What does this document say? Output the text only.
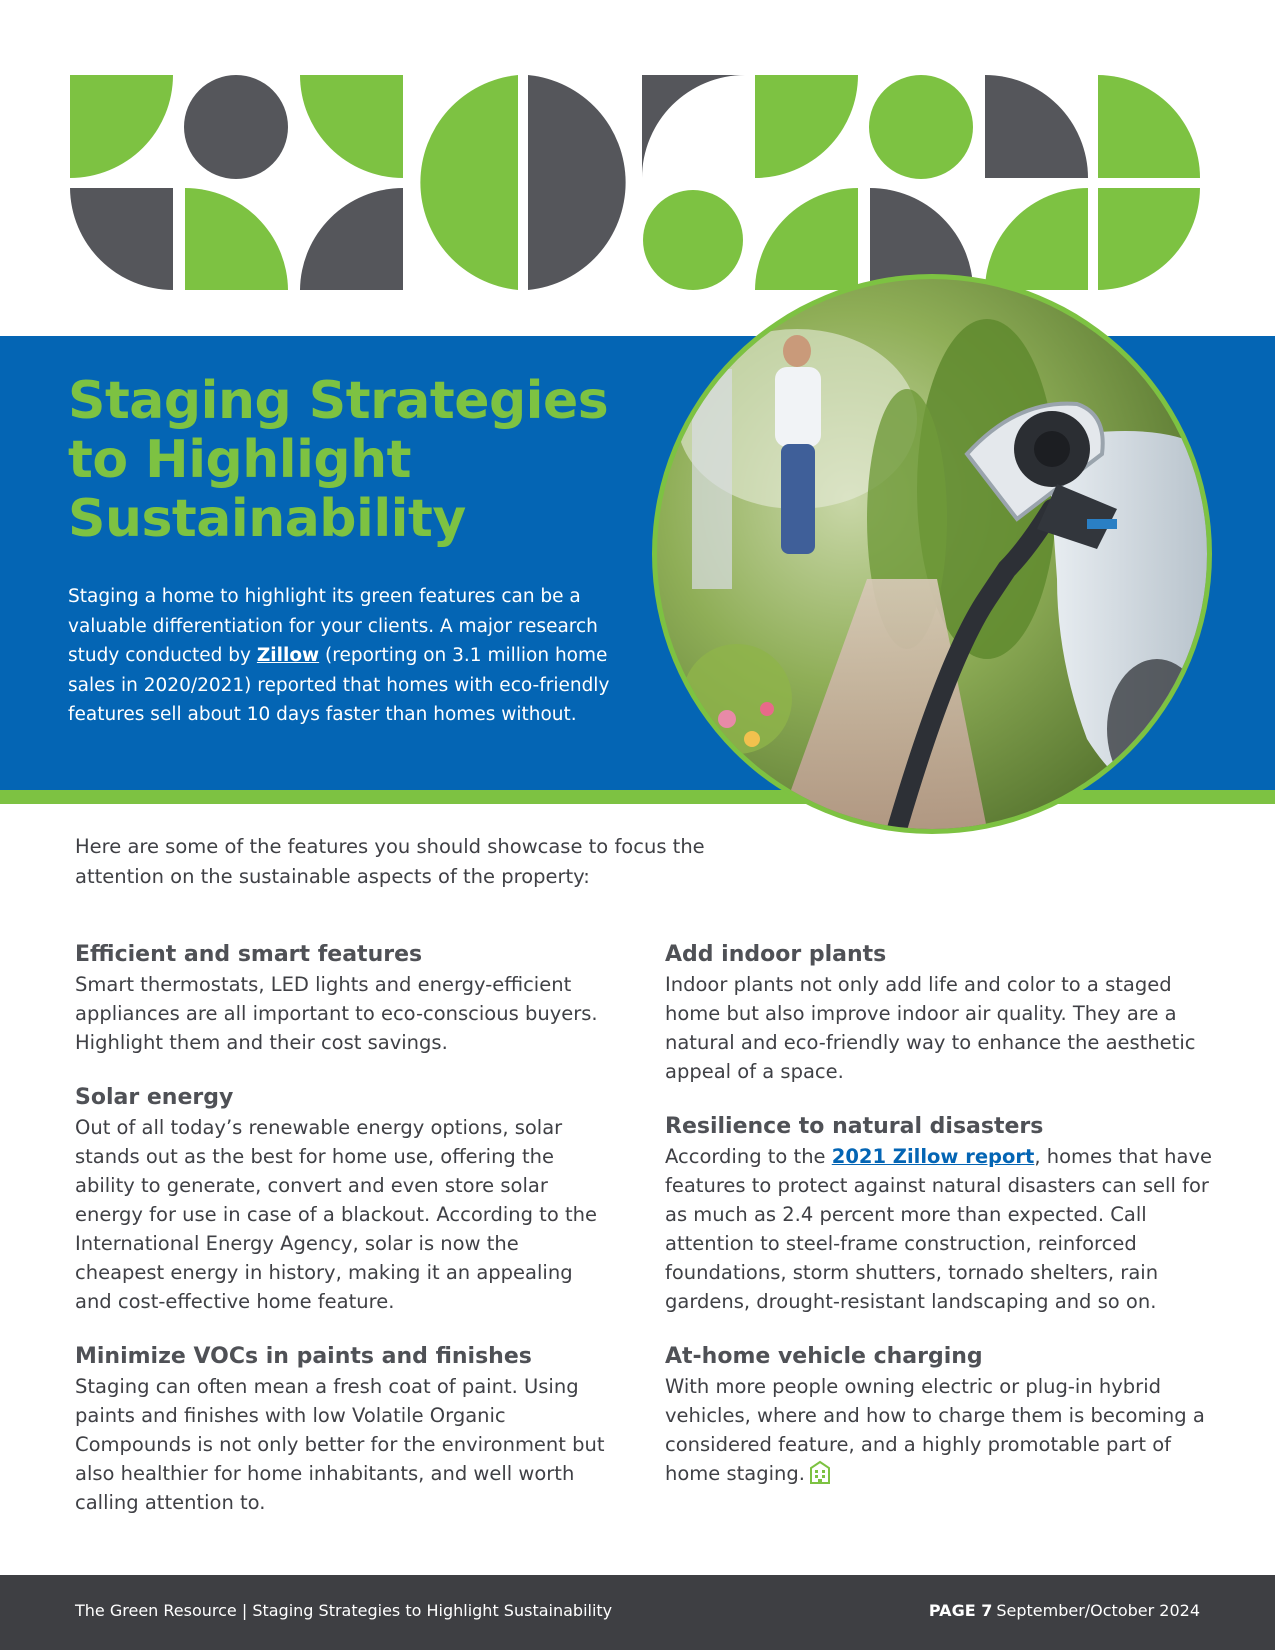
Staging Strategies
to Highlight
Sustainability

Staging a home to highlight its green features can be a valuable differentiation for your clients. A major research study conducted by Zillow (reporting on 3.1 million home sales in 2020/2021) reported that homes with eco-friendly features sell about 10 days faster than homes without.

Here are some of the features you should showcase to focus the attention on the sustainable aspects of the property:

Efficient and smart features

Smart thermostats, LED lights and energy-efficient appliances are all important to eco-conscious buyers. Highlight them and their cost savings.

Solar energy

Out of all today’s renewable energy options, solar stands out as the best for home use, offering the ability to generate, convert and even store solar energy for use in case of a blackout. According to the International Energy Agency, solar is now the cheapest energy in history, making it an appealing and cost-effective home feature.

Minimize VOCs in paints and finishes

Staging can often mean a fresh coat of paint. Using paints and finishes with low Volatile Organic Compounds is not only better for the environment but also healthier for home inhabitants, and well worth calling attention to.

Add indoor plants

Indoor plants not only add life and color to a staged home but also improve indoor air quality. They are a natural and eco-friendly way to enhance the aesthetic appeal of a space.

Resilience to natural disasters

According to the 2021 Zillow report, homes that have features to protect against natural disasters can sell for as much as 2.4 percent more than expected. Call attention to steel-frame construction, reinforced foundations, storm shutters, tornado shelters, rain gardens, drought-resistant landscaping and so on.

At-home vehicle charging

With more people owning electric or plug-in hybrid vehicles, where and how to charge them is becoming a considered feature, and a highly promotable part of home staging.

The Green Resource | Staging Strategies to Highlight Sustainability	PAGE 7 September/October 2024
